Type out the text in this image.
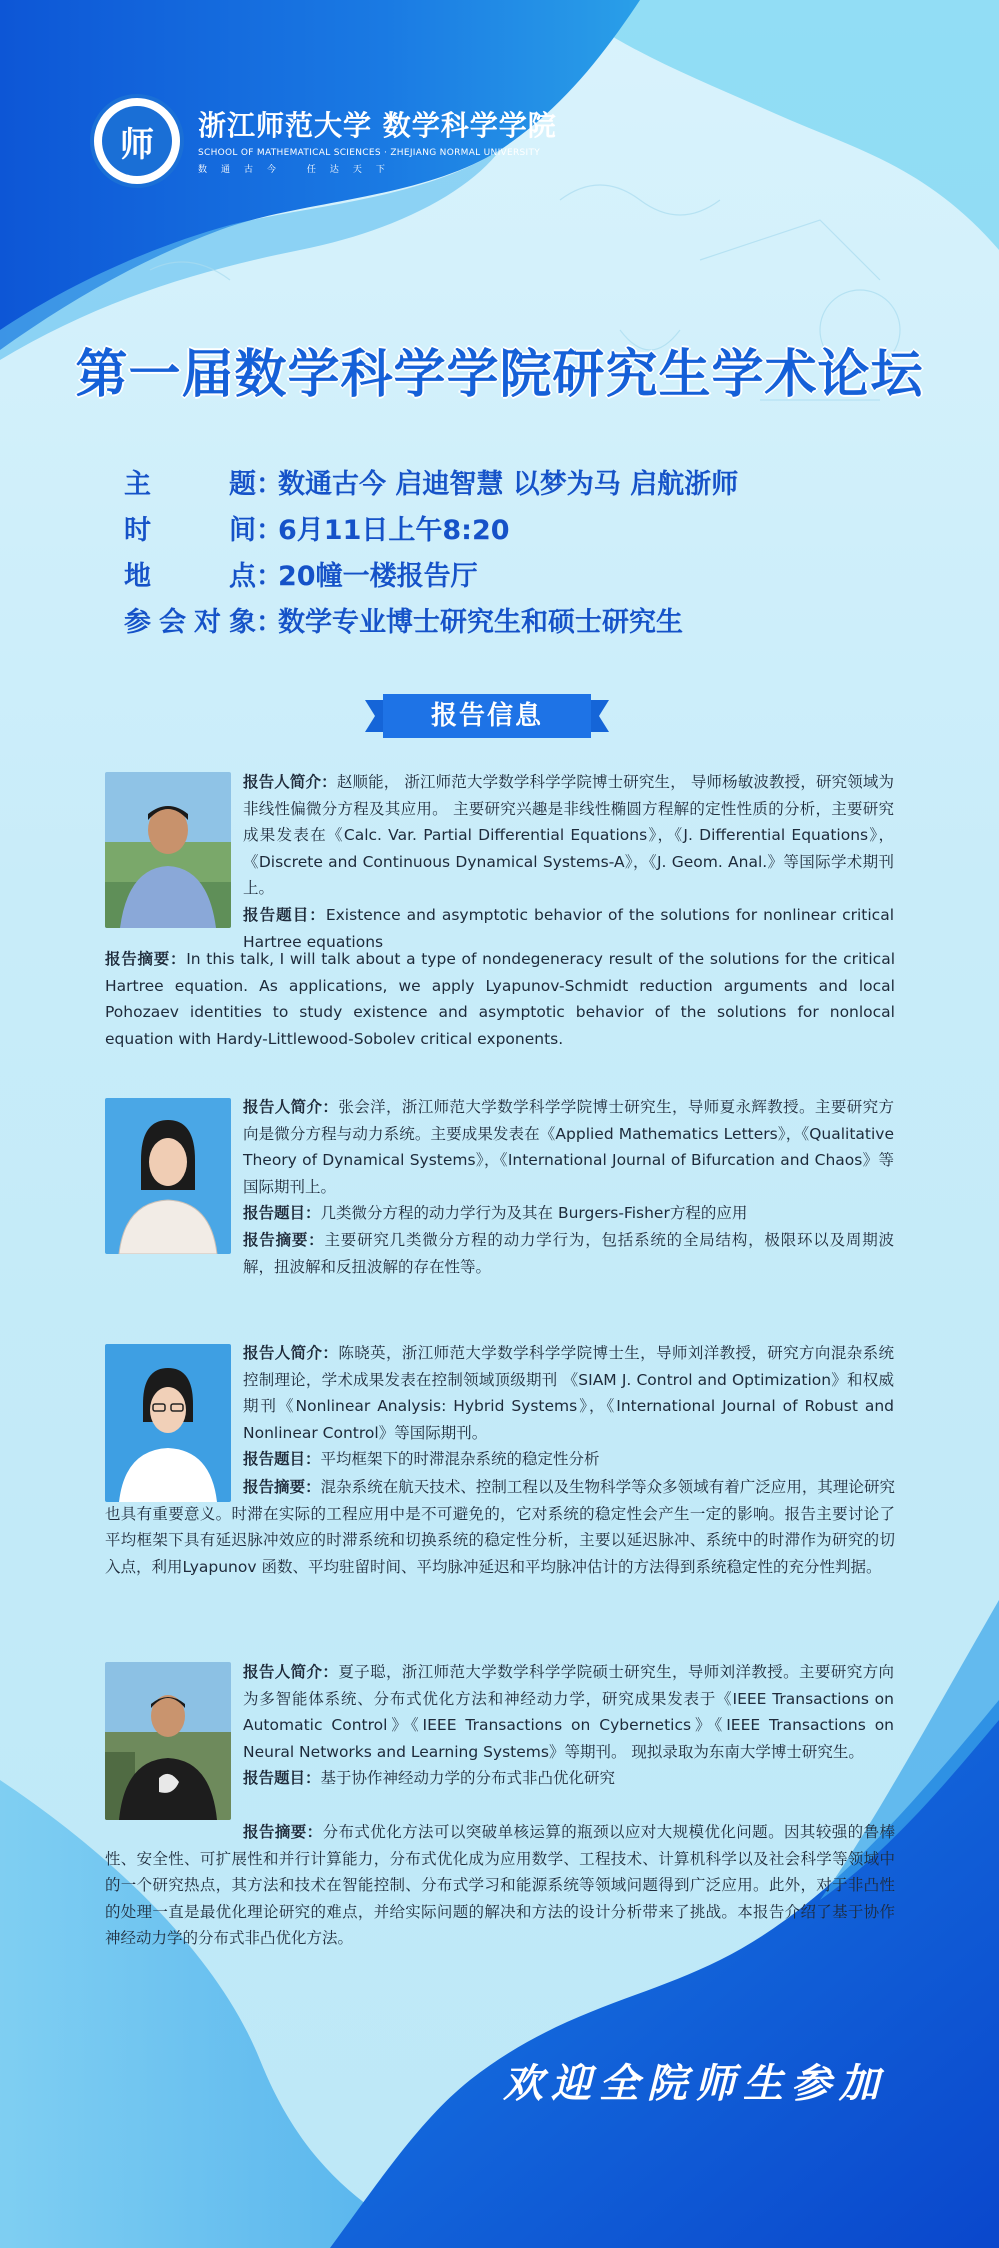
师	浙江师范大学 数学科学学院
SCHOOL OF MATHEMATICAL SCIENCES · ZHEJIANG NORMAL UNIVERSITY
数通古今 任达天下
第一届数学科学学院研究生学术论坛
主题：数通古今 启迪智慧 以梦为马 启航浙师
时间：6月11日上午8:20
地点：20幢一楼报告厅
参会对象：数学专业博士研究生和硕士研究生
报告信息
报告人简介：赵顺能， 浙江师范大学数学科学学院博士研究生， 导师杨敏波教授，研究领域为非线性偏微分方程及其应用。 主要研究兴趣是非线性椭圆方程解的定性性质的分析，主要研究成果发表在《Calc. Var. Partial Differential Equations》，《J. Differential Equations》，《Discrete and Continuous Dynamical Systems-A》，《J. Geom. Anal.》等国际学术期刊上。
报告题目：Existence and asymptotic behavior of the solutions for nonlinear critical Hartree equations
报告摘要：In this talk, I will talk about a type of nondegeneracy result of the solutions for the critical Hartree equation. As applications, we apply Lyapunov-Schmidt reduction arguments and local Pohozaev identities to study existence and asymptotic behavior of the solutions for nonlocal equation with Hardy-Littlewood-Sobolev critical exponents.
报告人简介：张会洋，浙江师范大学数学科学学院博士研究生，导师夏永辉教授。主要研究方向是微分方程与动力系统。主要成果发表在《Applied Mathematics Letters》，《Qualitative Theory of Dynamical Systems》，《International Journal of Bifurcation and Chaos》等国际期刊上。
报告题目：几类微分方程的动力学行为及其在 Burgers-Fisher方程的应用
报告摘要：主要研究几类微分方程的动力学行为，包括系统的全局结构，极限环以及周期波解，扭波解和反扭波解的存在性等。
报告人简介：陈晓英，浙江师范大学数学科学学院博士生，导师刘洋教授，研究方向混杂系统控制理论，学术成果发表在控制领域顶级期刊 《SIAM J. Control and Optimization》和权威期刊《Nonlinear Analysis: Hybrid Systems》，《International Journal of Robust and Nonlinear Control》等国际期刊。
报告题目：平均框架下的时滞混杂系统的稳定性分析
报告摘要：混杂系统在航天技术、控制工程以及生物科学等众多领域有着广泛应用，其理论研究也具有重要意义。时滞在实际的工程应用中是不可避免的，它对系统的稳定性会产生一定的影响。报告主要讨论了平均框架下具有延迟脉冲效应的时滞系统和切换系统的稳定性分析，主要以延迟脉冲、系统中的时滞作为研究的切入点，利用Lyapunov 函数、平均驻留时间、平均脉冲延迟和平均脉冲估计的方法得到系统稳定性的充分性判据。
报告人简介：夏子聪，浙江师范大学数学科学学院硕士研究生，导师刘洋教授。主要研究方向为多智能体系统、分布式优化方法和神经动力学，研究成果发表于《IEEE Transactions on Automatic Control》《IEEE Transactions on Cybernetics》《IEEE Transactions on Neural Networks and Learning Systems》等期刊。 现拟录取为东南大学博士研究生。
报告题目：基于协作神经动力学的分布式非凸优化研究
报告摘要：分布式优化方法可以突破单核运算的瓶颈以应对大规模优化问题。因其较强的鲁棒性、安全性、可扩展性和并行计算能力，分布式优化成为应用数学、工程技术、计算机科学以及社会科学等领域中的一个研究热点，其方法和技术在智能控制、分布式学习和能源系统等领域问题得到广泛应用。此外，对于非凸性的处理一直是最优化理论研究的难点，并给实际问题的解决和方法的设计分析带来了挑战。本报告介绍了基于协作神经动力学的分布式非凸优化方法。
欢迎全院师生参加
